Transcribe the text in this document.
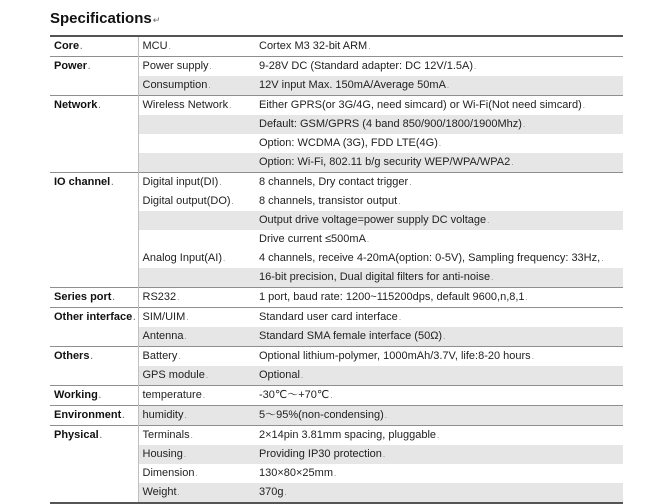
Specifications↵
Core.	MCU.	Cortex M3 32-bit ARM.
Power.	Power supply.	9-28V DC (Standard adapter: DC 12V/1.5A).
	Consumption.	12V input Max. 150mA/Average 50mA.
Network.	Wireless Network.	Either GPRS(or 3G/4G, need simcard) or Wi-Fi(Not need simcard).
		Default: GSM/GPRS (4 band 850/900/1800/1900Mhz).
		Option: WCDMA (3G), FDD LTE(4G).
		Option: Wi-Fi, 802.11 b/g security WEP/WPA/WPA2.
IO channel.	Digital input(DI).	8 channels, Dry contact trigger.
	Digital output(DO).	8 channels, transistor output.
		Output drive voltage=power supply DC voltage.
		Drive current ≤500mA.
	Analog Input(AI).	4 channels, receive 4-20mA(option: 0-5V), Sampling frequency: 33Hz,.
		16-bit precision, Dual digital filters for anti-noise.
Series port.	RS232.	1 port, baud rate: 1200~115200dps, default 9600,n,8,1.
Other interface.	SIM/UIM.	Standard user card interface.
	Antenna.	Standard SMA female interface (50Ω).
Others.	Battery.	Optional lithium-polymer, 1000mAh/3.7V, life:8-20 hours.
	GPS module.	Optional.
Working.	temperature.	-30℃～+70℃.
Environment.	humidity.	5～95%(non-condensing).
Physical.	Terminals.	2×14pin 3.81mm spacing, pluggable.
	Housing.	Providing IP30 protection.
	Dimension.	130×80×25mm.
	Weight.	370g.
